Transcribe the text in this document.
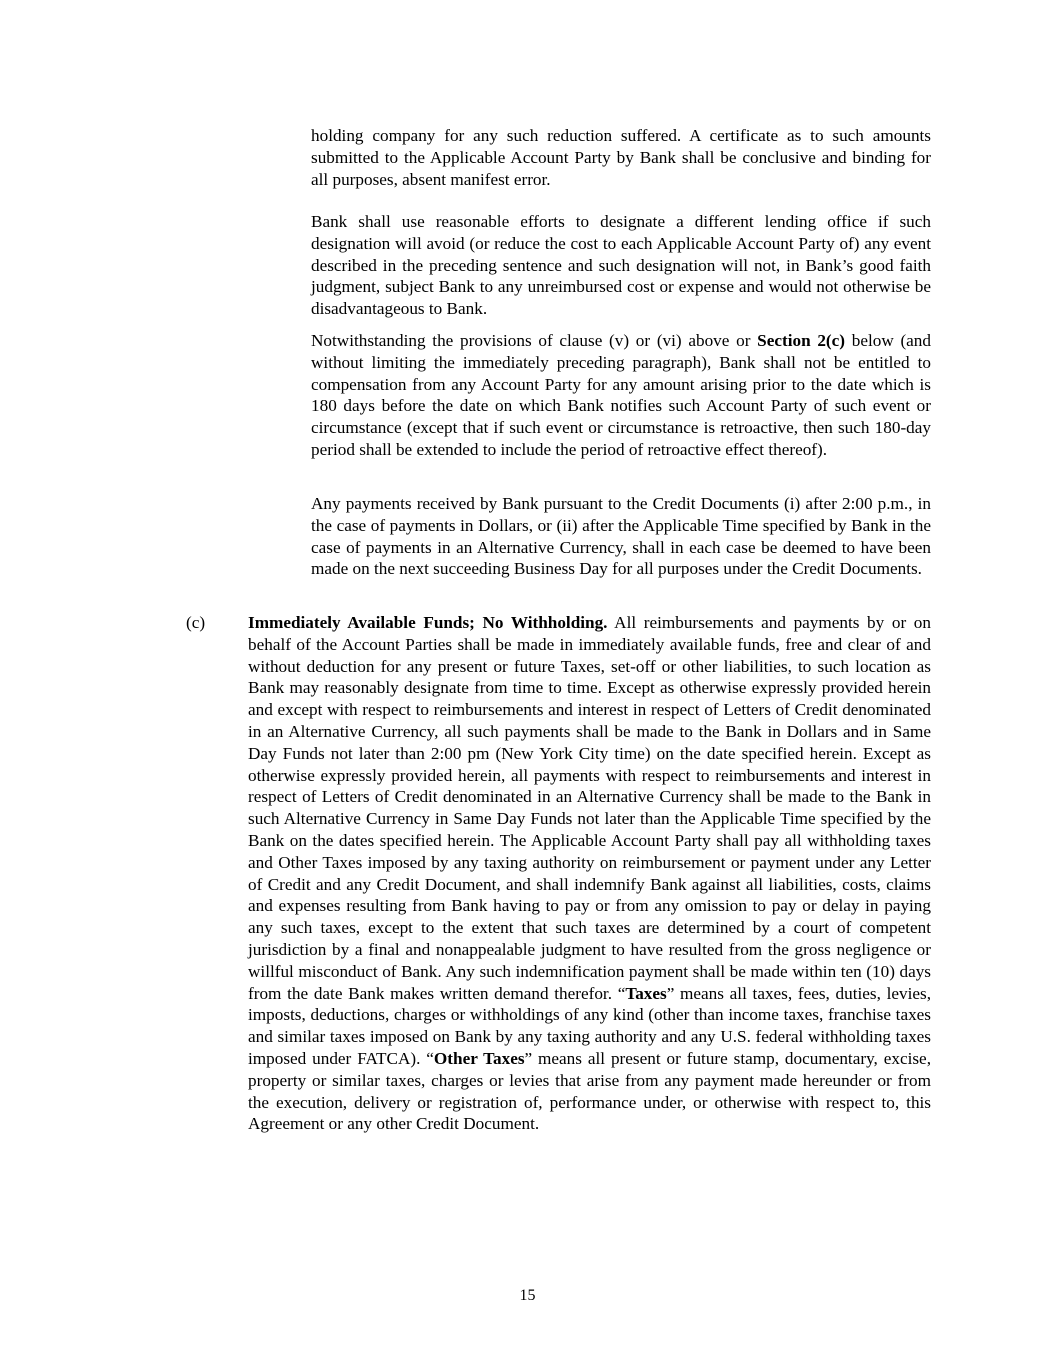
holding company for any such reduction suffered. A certificate as to such amounts submitted to the Applicable Account Party by Bank shall be conclusive and binding for all purposes, absent manifest error.

Bank shall use reasonable efforts to designate a different lending office if such designation will avoid (or reduce the cost to each Applicable Account Party of) any event described in the preceding sentence and such designation will not, in Bank’s good faith judgment, subject Bank to any unreimbursed cost or expense and would not otherwise be disadvantageous to Bank.

Notwithstanding the provisions of clause (v) or (vi) above or Section 2(c) below (and without limiting the immediately preceding paragraph), Bank shall not be entitled to compensation from any Account Party for any amount arising prior to the date which is 180 days before the date on which Bank notifies such Account Party of such event or circumstance (except that if such event or circumstance is retroactive, then such 180-day period shall be extended to include the period of retroactive effect thereof).

Any payments received by Bank pursuant to the Credit Documents (i) after 2:00 p.m., in the case of payments in Dollars, or (ii) after the Applicable Time specified by Bank in the case of payments in an Alternative Currency, shall in each case be deemed to have been made on the next succeeding Business Day for all purposes under the Credit Documents.

(c) Immediately Available Funds; No Withholding. All reimbursements and payments by or on behalf of the Account Parties shall be made in immediately available funds, free and clear of and without deduction for any present or future Taxes, set-off or other liabilities, to such location as Bank may reasonably designate from time to time. Except as otherwise expressly provided herein and except with respect to reimbursements and interest in respect of Letters of Credit denominated in an Alternative Currency, all such payments shall be made to the Bank in Dollars and in Same Day Funds not later than 2:00 pm (New York City time) on the date specified herein. Except as otherwise expressly provided herein, all payments with respect to reimbursements and interest in respect of Letters of Credit denominated in an Alternative Currency shall be made to the Bank in such Alternative Currency in Same Day Funds not later than the Applicable Time specified by the Bank on the dates specified herein. The Applicable Account Party shall pay all withholding taxes and Other Taxes imposed by any taxing authority on reimbursement or payment under any Letter of Credit and any Credit Document, and shall indemnify Bank against all liabilities, costs, claims and expenses resulting from Bank having to pay or from any omission to pay or delay in paying any such taxes, except to the extent that such taxes are determined by a court of competent jurisdiction by a final and nonappealable judgment to have resulted from the gross negligence or willful misconduct of Bank. Any such indemnification payment shall be made within ten (10) days from the date Bank makes written demand therefor. “Taxes” means all taxes, fees, duties, levies, imposts, deductions, charges or withholdings of any kind (other than income taxes, franchise taxes and similar taxes imposed on Bank by any taxing authority and any U.S. federal withholding taxes imposed under FATCA). “Other Taxes” means all present or future stamp, documentary, excise, property or similar taxes, charges or levies that arise from any payment made hereunder or from the execution, delivery or registration of, performance under, or otherwise with respect to, this Agreement or any other Credit Document.

15
